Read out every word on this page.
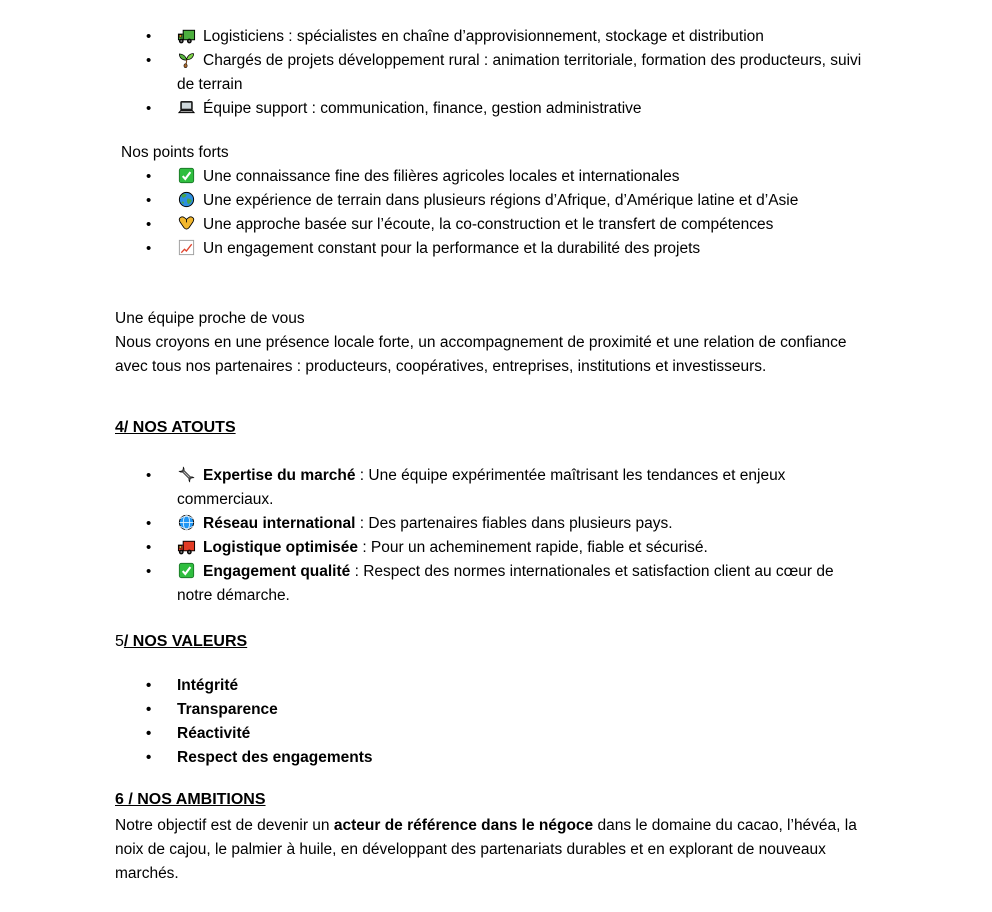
• Logisticiens : spécialistes en chaîne d’approvisionnement, stockage et distribution
• Chargés de projets développement rural : animation territoriale, formation des producteurs, suivi de terrain
• Équipe support : communication, finance, gestion administrative

Nos points forts

• Une connaissance fine des filières agricoles locales et internationales
• Une expérience de terrain dans plusieurs régions d’Afrique, d’Amérique latine et d’Asie
• Une approche basée sur l’écoute, la co-construction et le transfert de compétences
• Un engagement constant pour la performance et la durabilité des projets
Une équipe proche de vous
Nous croyons en une présence locale forte, un accompagnement de proximité et une relation de confiance avec tous nos partenaires : producteurs, coopératives, entreprises, institutions et investisseurs.
4/ NOS ATOUTS
• Expertise du marché : Une équipe expérimentée maîtrisant les tendances et enjeux commerciaux.
• Réseau international : Des partenaires fiables dans plusieurs pays.
• Logistique optimisée : Pour un acheminement rapide, fiable et sécurisé.
• Engagement qualité : Respect des normes internationales et satisfaction client au cœur de notre démarche.
5/ NOS VALEURS
• Intégrité
• Transparence
• Réactivité
• Respect des engagements
6 / NOS AMBITIONS

Notre objectif est de devenir un acteur de référence dans le négoce dans le domaine du cacao, l’hévéa, la noix de cajou, le palmier à huile, en développant des partenariats durables et en explorant de nouveaux marchés.
